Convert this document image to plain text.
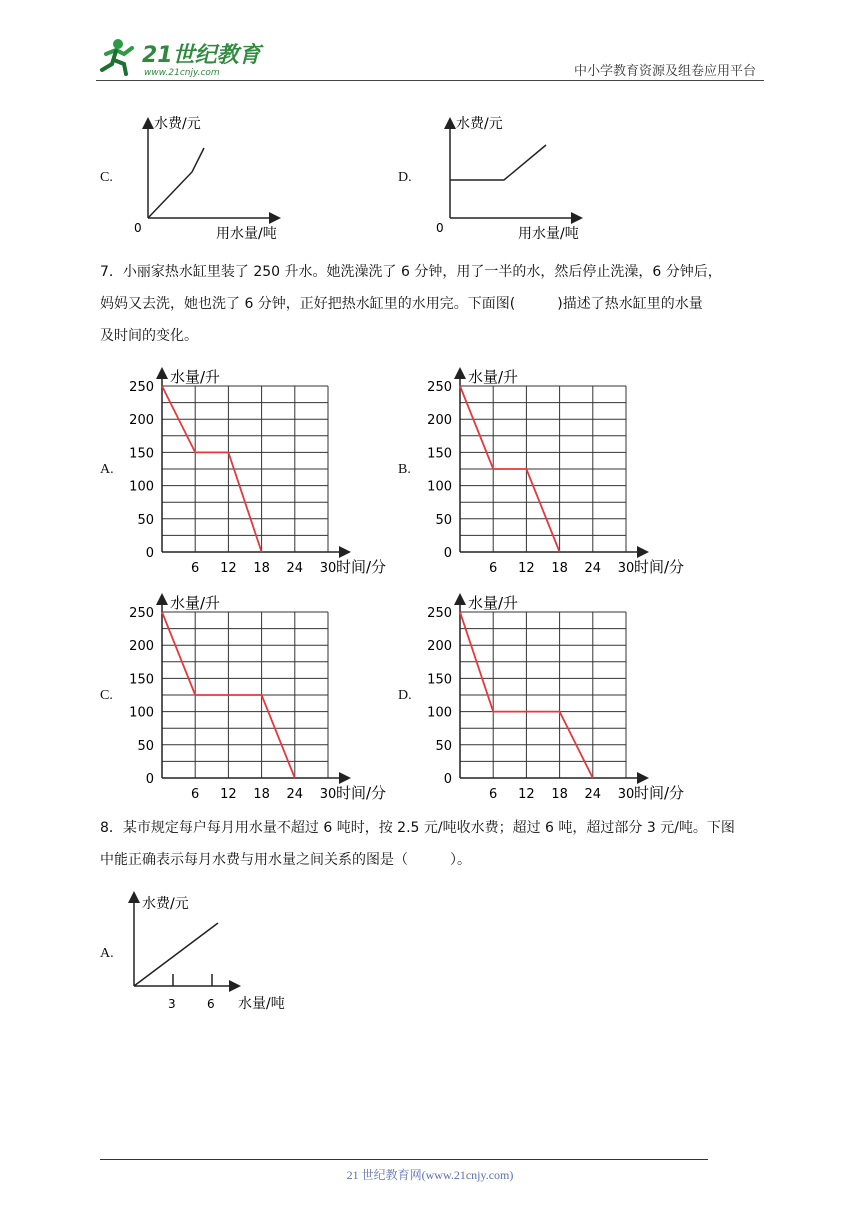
21世纪教育
www.21cnjy.com	中小学教育资源及组卷应用平台
C.
水费/元
用水量/吨
0
D.
水费/元
用水量/吨
0
7．小丽家热水缸里装了 250 升水。她洗澡洗了 6 分钟，用了一半的水，然后停止洗澡，6 分钟后，
妈妈又去洗，她也洗了 6 分钟，正好把热水缸里的水用完。下面图(　　　)描述了热水缸里的水量
及时间的变化。
A.
250
200
150
100
50
0
6 12 18 24 30
水量/升
时间/分
B.
250
200
150
100
50
0
6 12 18 24 30
水量/升
时间/分
C.
250
200
150
100
50
0
6 12 18 24 30
水量/升
时间/分
D.
250
200
150
100
50
0
6 12 18 24 30
水量/升
时间/分
8．某市规定每户每月用水量不超过 6 吨时，按 2.5 元/吨收水费；超过 6 吨，超过部分 3 元/吨。下图
中能正确表示每月水费与用水量之间关系的图是（　　　）。
A.
水费/元
3	6 水量/吨
21 世纪教育网(www.21cnjy.com)
